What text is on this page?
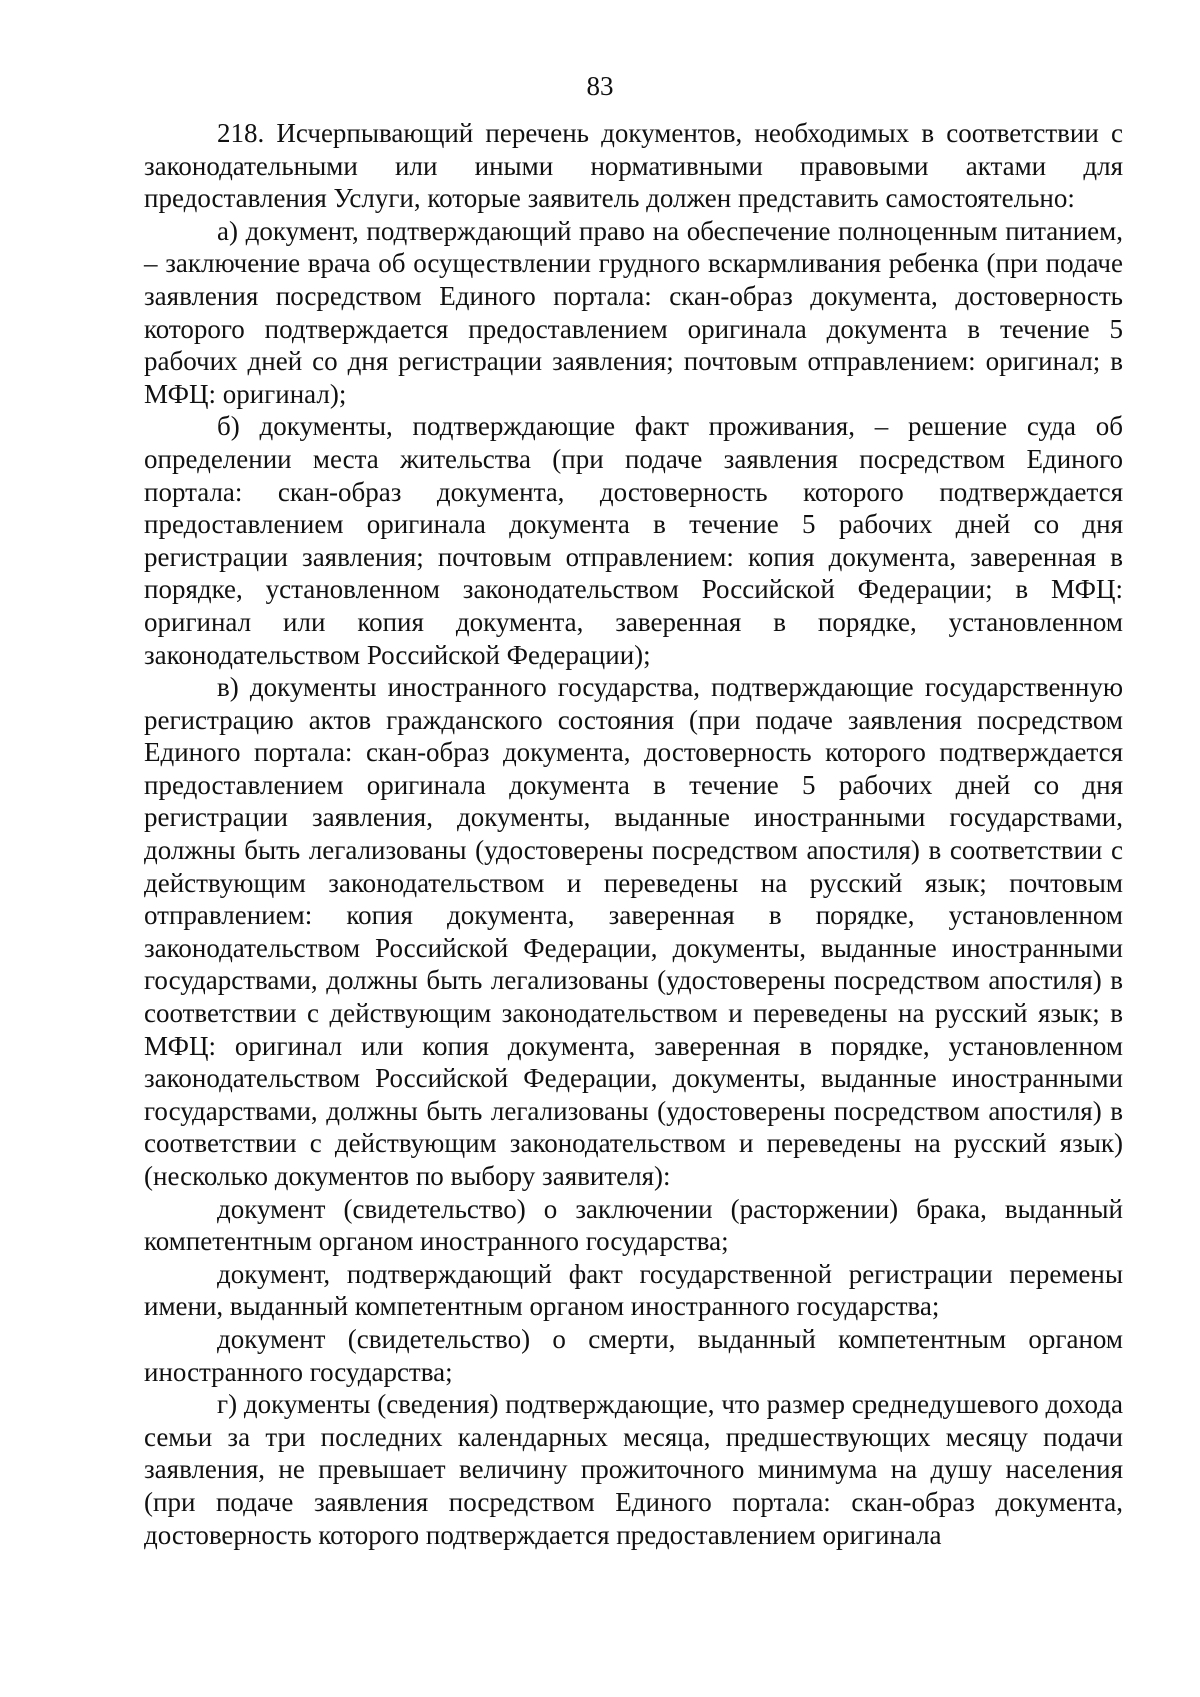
83

218. Исчерпывающий перечень документов, необходимых в соответствии с законодательными или иными нормативными правовыми актами для предоставления Услуги, которые заявитель должен представить самостоятельно:

а) документ, подтверждающий право на обеспечение полноценным питанием, – заключение врача об осуществлении грудного вскармливания ребенка (при подаче заявления посредством Единого портала: скан-образ документа, достоверность которого подтверждается предоставлением оригинала документа в течение 5 рабочих дней со дня регистрации заявления; почтовым отправлением: оригинал; в МФЦ: оригинал);

б) документы, подтверждающие факт проживания, – решение суда об определении места жительства (при подаче заявления посредством Единого портала: скан-образ документа, достоверность которого подтверждается предоставлением оригинала документа в течение 5 рабочих дней со дня регистрации заявления; почтовым отправлением: копия документа, заверенная в порядке, установленном законодательством Российской Федерации; в МФЦ: оригинал или копия документа, заверенная в порядке, установленном законодательством Российской Федерации);

в) документы иностранного государства, подтверждающие государственную регистрацию актов гражданского состояния (при подаче заявления посредством Единого портала: скан-образ документа, достоверность которого подтверждается предоставлением оригинала документа в течение 5 рабочих дней со дня регистрации заявления, документы, выданные иностранными государствами, должны быть легализованы (удостоверены посредством апостиля) в соответствии с действующим законодательством и переведены на русский язык; почтовым отправлением: копия документа, заверенная в порядке, установленном законодательством Российской Федерации, документы, выданные иностранными государствами, должны быть легализованы (удостоверены посредством апостиля) в соответствии с действующим законодательством и переведены на русский язык; в МФЦ: оригинал или копия документа, заверенная в порядке, установленном законодательством Российской Федерации, документы, выданные иностранными государствами, должны быть легализованы (удостоверены посредством апостиля) в соответствии с действующим законодательством и переведены на русский язык) (несколько документов по выбору заявителя):

документ (свидетельство) о заключении (расторжении) брака, выданный компетентным органом иностранного государства;

документ, подтверждающий факт государственной регистрации перемены имени, выданный компетентным органом иностранного государства;

документ (свидетельство) о смерти, выданный компетентным органом иностранного государства;

г) документы (сведения) подтверждающие, что размер среднедушевого дохода семьи за три последних календарных месяца, предшествующих месяцу подачи заявления, не превышает величину прожиточного минимума на душу населения (при подаче заявления посредством Единого портала: скан-образ документа, достоверность которого подтверждается предоставлением оригинала
